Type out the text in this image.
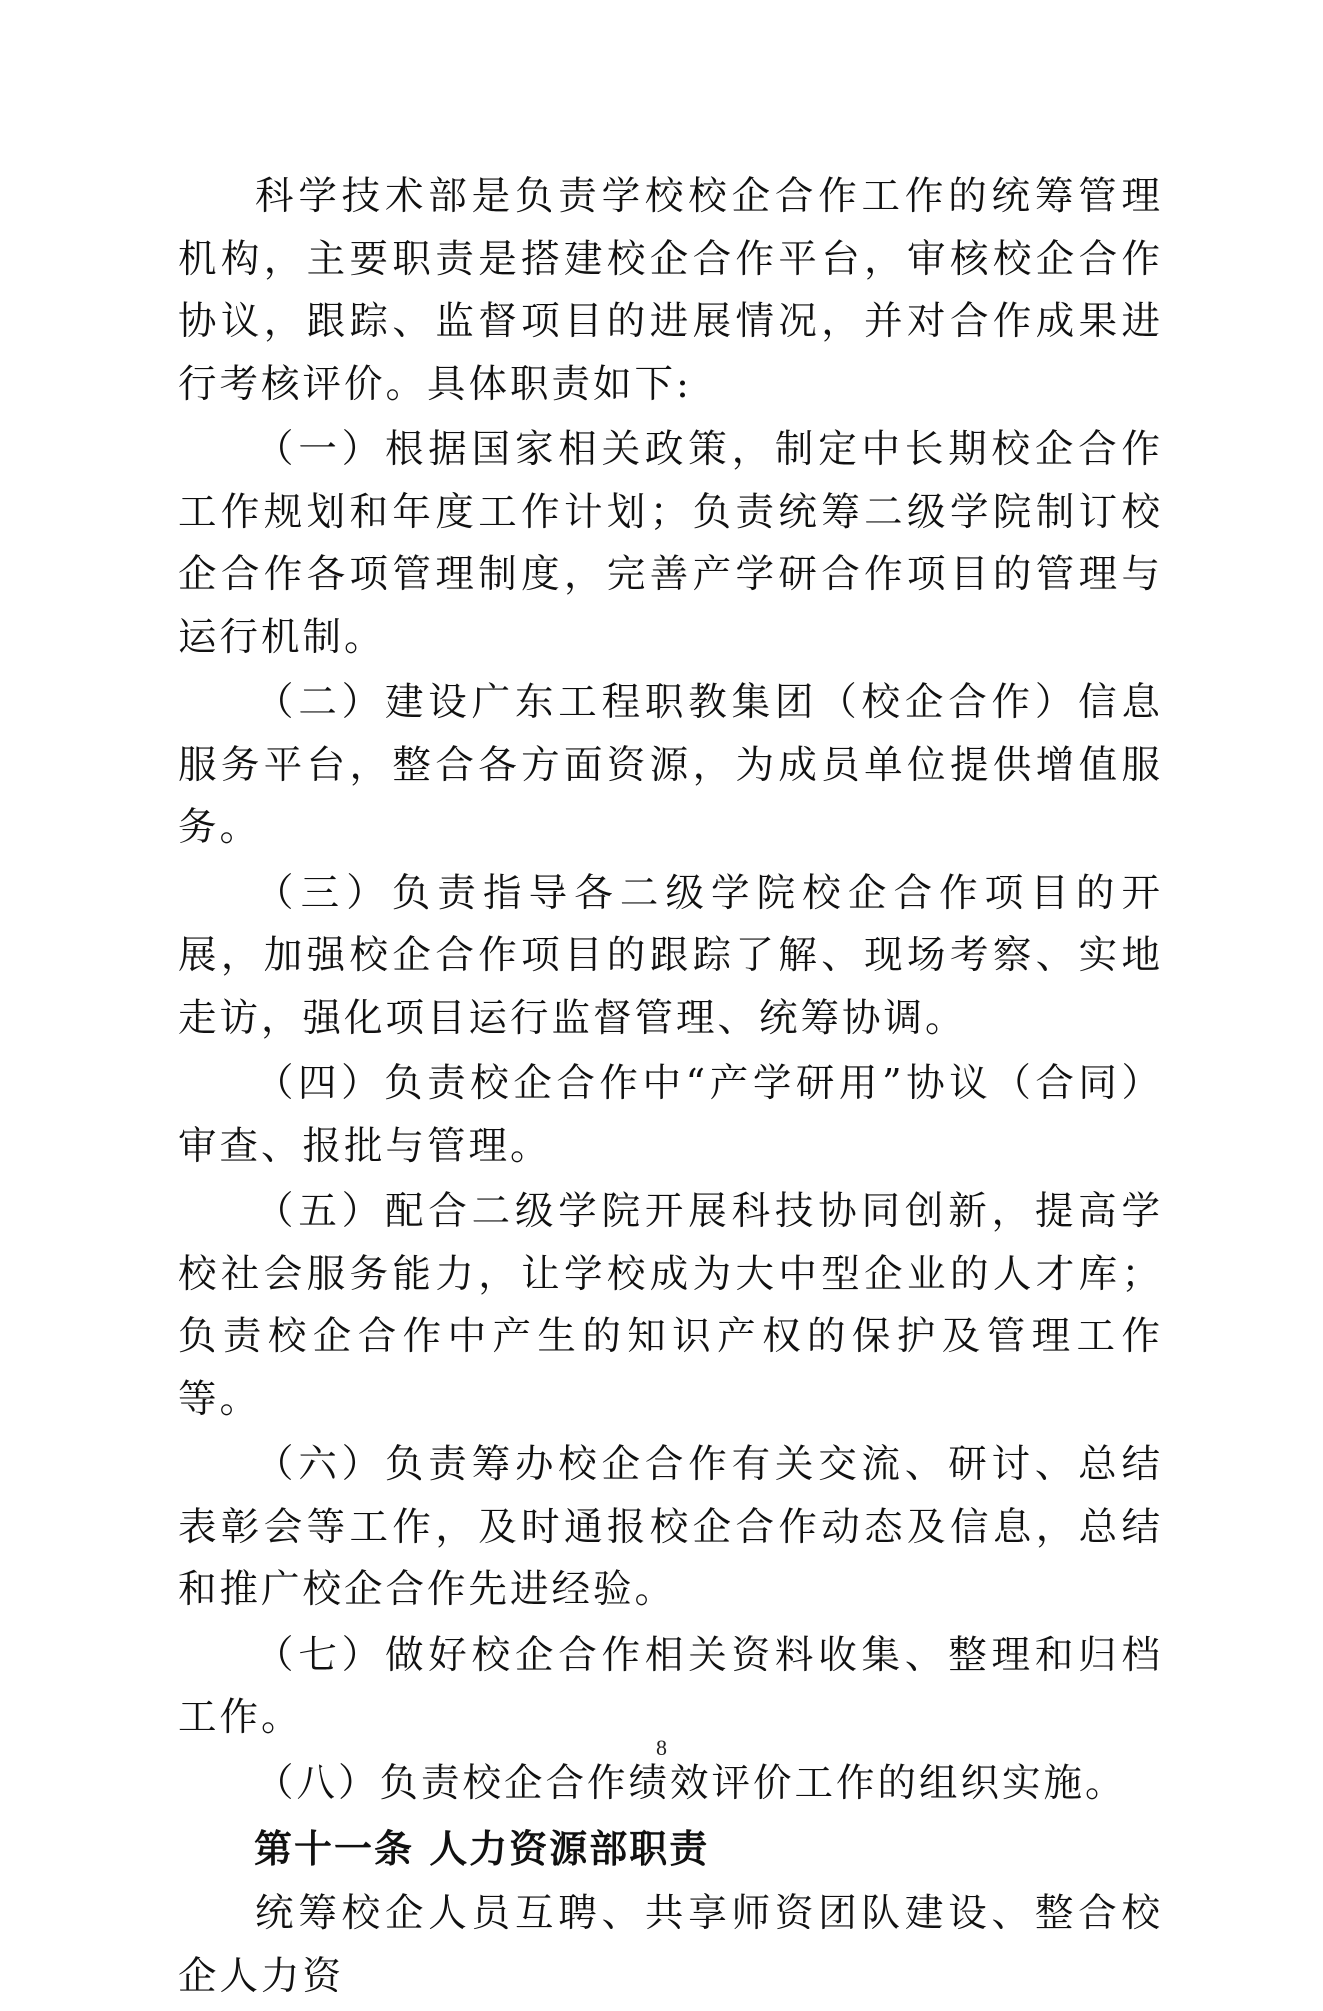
科学技术部是负责学校校企合作工作的统筹管理机构，主要职责是搭建校企合作平台，审核校企合作协议，跟踪、监督项目的进展情况，并对合作成果进行考核评价。具体职责如下:

（一）根据国家相关政策，制定中长期校企合作工作规划和年度工作计划；负责统筹二级学院制订校企合作各项管理制度，完善产学研合作项目的管理与运行机制。

（二）建设广东工程职教集团（校企合作）信息服务平台，整合各方面资源，为成员单位提供增值服务。

（三）负责指导各二级学院校企合作项目的开展，加强校企合作项目的跟踪了解、现场考察、实地走访，强化项目运行监督管理、统筹协调。

（四）负责校企合作中“产学研用”协议（合同）审查、报批与管理。

（五）配合二级学院开展科技协同创新，提高学校社会服务能力，让学校成为大中型企业的人才库；负责校企合作中产生的知识产权的保护及管理工作等。

（六）负责筹办校企合作有关交流、研讨、总结表彰会等工作，及时通报校企合作动态及信息，总结和推广校企合作先进经验。

（七）做好校企合作相关资料收集、整理和归档工作。

（八）负责校企合作绩效评价工作的组织实施。

第十一条 人力资源部职责

统筹校企人员互聘、共享师资团队建设、整合校企人力资

8
